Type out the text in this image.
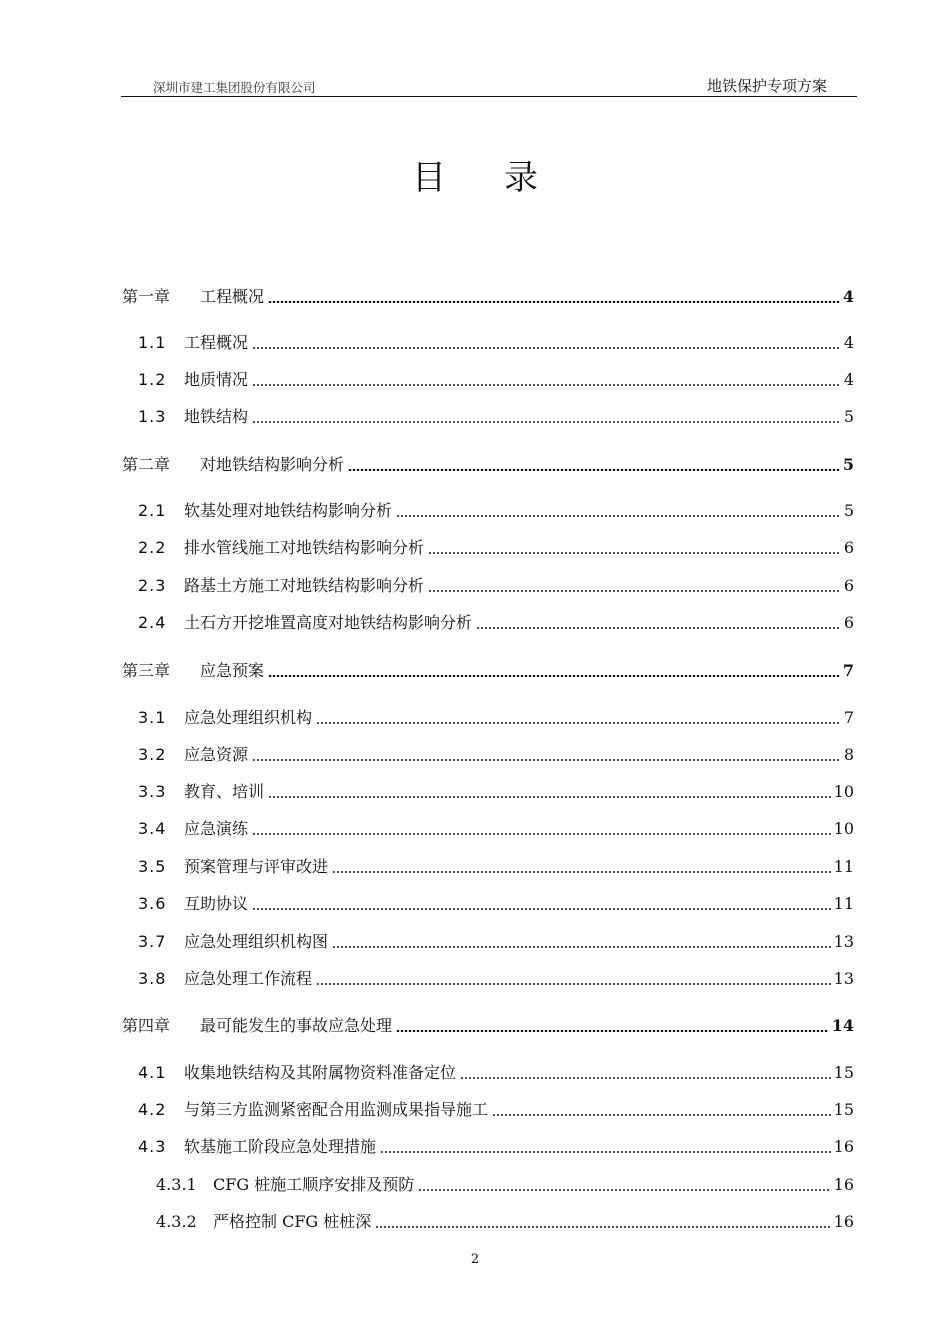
深圳市建工集团股份有限公司	地铁保护专项方案
目录
第一章	工程概况	4
1.1	工程概况	4
1.2	地质情况	4
1.3	地铁结构	5
第二章	对地铁结构影响分析	5
2.1	软基处理对地铁结构影响分析	5
2.2	排水管线施工对地铁结构影响分析	6
2.3	路基土方施工对地铁结构影响分析	6
2.4	土石方开挖堆置高度对地铁结构影响分析	6
第三章	应急预案	7
3.1	应急处理组织机构	7
3.2	应急资源	8
3.3	教育、培训	10
3.4	应急演练	10
3.5	预案管理与评审改进	11
3.6	互助协议	11
3.7	应急处理组织机构图	13
3.8	应急处理工作流程	13
第四章	最可能发生的事故应急处理	14
4.1	收集地铁结构及其附属物资料准备定位	15
4.2	与第三方监测紧密配合用监测成果指导施工	15
4.3	软基施工阶段应急处理措施	16
4.3.1	CFG 桩施工顺序安排及预防	16
4.3.2	严格控制 CFG 桩桩深	16
2
